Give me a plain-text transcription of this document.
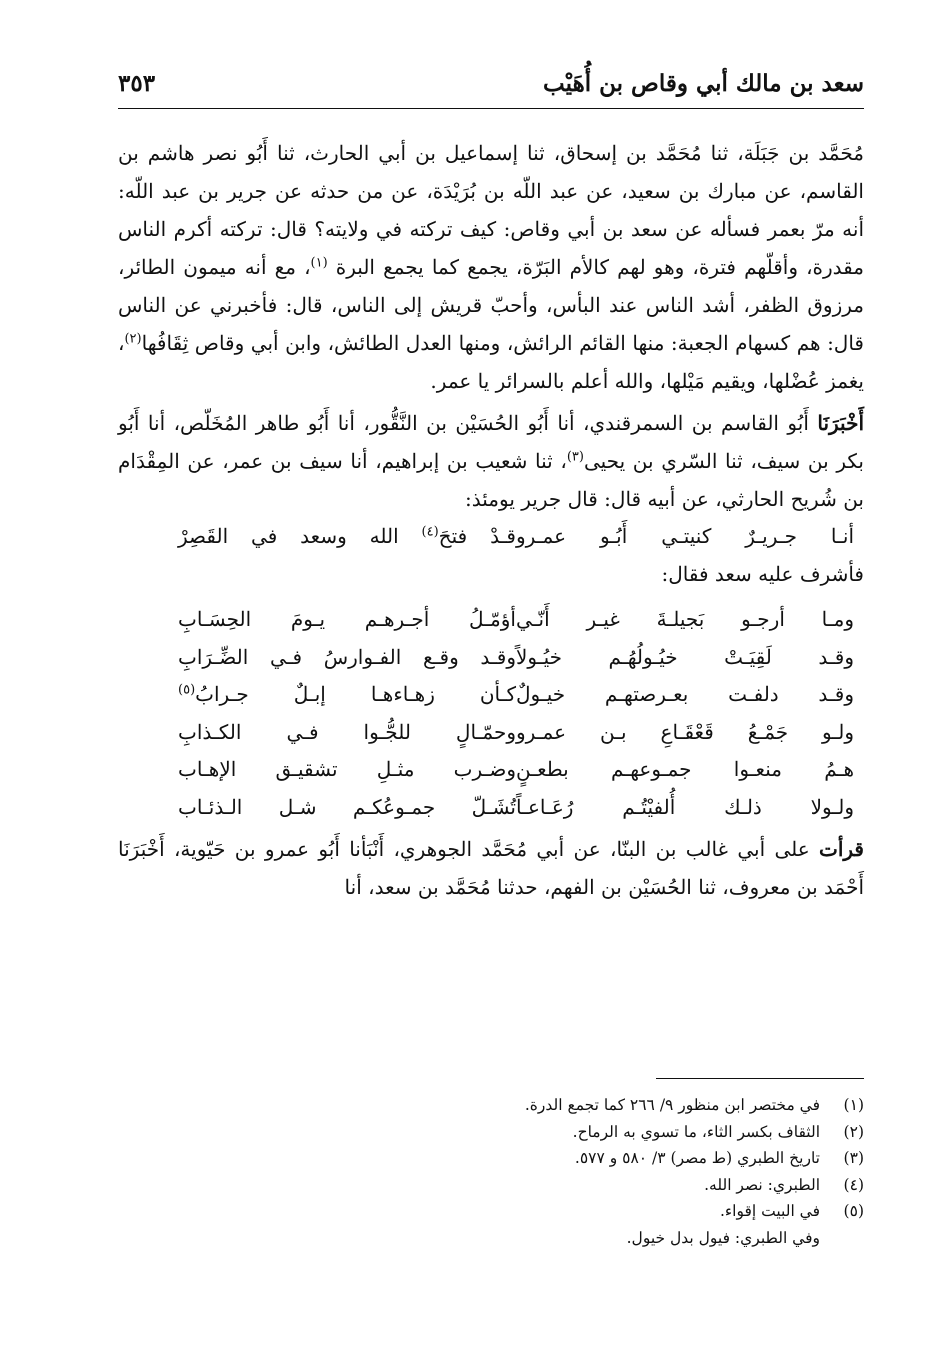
سعد بن مالك أبي وقاص بن أُهَيْب
٣٥٣

مُحَمَّد بن جَبَلَة، ثنا مُحَمَّد بن إسحاق، ثنا إسماعيل بن أبي الحارث، ثنا أَبُو نصر هاشم بن القاسم، عن مبارك بن سعيد، عن عبد اللّه بن بُرَيْدَة، عن من حدثه عن جرير بن عبد اللّه: أنه مرّ بعمر فسأله عن سعد بن أبي وقاص: كيف تركته في ولايته؟ قال: تركته أكرم الناس مقدرة، وأقلّهم فترة، وهو لهم كالأم البَرّة، يجمع كما يجمع البرة $^{(١)}$، مع أنه ميمون الطائر، مرزوق الظفر، أشد الناس عند البأس، وأحبّ قريش إلى الناس، قال: فأخبرني عن الناس قال: هم كسهام الجعبة: منها القائم الرائش، ومنها العدل الطائش، وابن أبي وقاص ثِقَافُها$^{(٢)}$، يغمز عُضْلها، ويقيم مَيْلها، والله أعلم بالسرائر يا عمر.

أَخْبَرَنَا أَبُو القاسم بن السمرقندي، أنا أَبُو الحُسَيْن بن النَّقُّور، أنا أَبُو طاهر المُخَلّص، أنا أَبُو بكر بن سيف، ثنا السّري بن يحيى$^{(٣)}$، ثنا شعيب بن إبراهيم، أنا سيف بن عمر، عن المِقْدَام بن شُريح الحارثي، عن أبيه قال: قال جرير يومئذ:

أنـا جـريـرٌ كنيتـي أَبُـو عمـرو
قـدْ فتحَ$^{(٤)}$ الله وسعد في القَصِرْ

فأشرف عليه سعد فقال:

ومـا أرجـو بَجيلـةَ غيـر أَنّـي
أؤمّـلُ أجـرهـم يـومَ الحِسَـابِ
وقـد لَقِيَـتْ خيُـولُهُـم خيُـولاً
وقـد وقـع الفـوارسُ فـي الضِّـرَابِ
وقـد دلفـت بعـرصتهـم خيـولٌ
كـأن زهـاءهـا إبـلٌ جـرابُ$^{(٥)}$
ولـو جَمْـعُ قَعْقَـاعِ بـن عمـرو
وحمّـالٍ للجُّـوا فـي الكـذابِ
هـمُ منعـوا جمـوعهـم بطعـنٍ
وضـرب مثـلِ تشقيـق الإهـاب
ولـولا ذلـك أُلفيْتُـم رُعَـاعـاً
تُشَـلّ جمـوعُكـم شـل الـذئـاب

قرأت على أبي غالب بن البنّا، عن أبي مُحَمَّد الجوهري، أَنْبَأنا أَبُو عمرو بن حَيّوية، أَخْبَرَنَا أَحْمَد بن معروف، ثنا الحُسَيْن بن الفهم، حدثنا مُحَمَّد بن سعد، أنا

(١)
في مختصر ابن منظور ٩/ ٢٦٦ كما تجمع الدرة.
(٢)
الثقاف بكسر الثاء، ما تسوي به الرماح.
(٣)
تاريخ الطبري (ط مصر) ٣/ ٥٨٠ و ٥٧٧.
(٤)
الطبري: نصر الله.
(٥)
في البيت إقواء.
وفي الطبري: فيول بدل خيول.
